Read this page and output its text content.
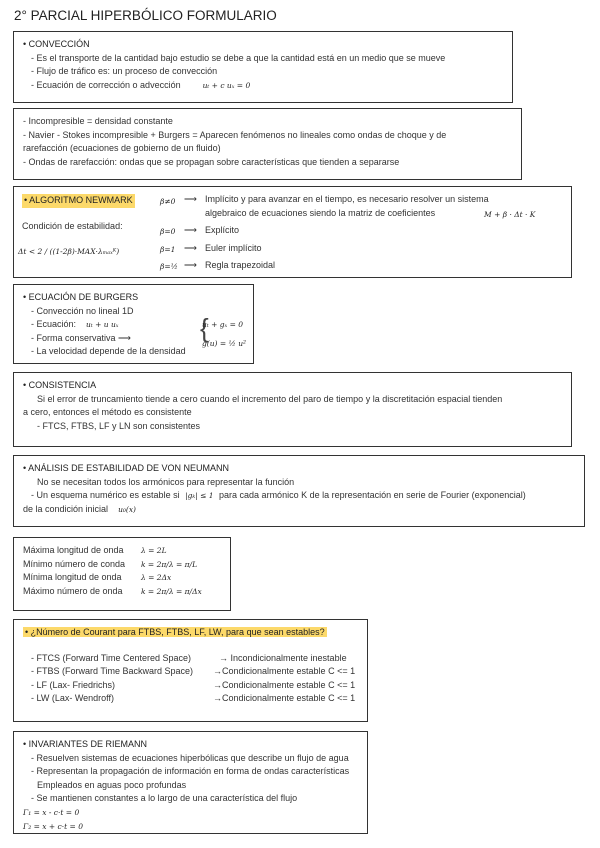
2° PARCIAL HIPERBÓLICO FORMULARIO
• CONVECCIÓN
- Es el transporte de la cantidad bajo estudio se debe a que la cantidad está en un medio que se mueve
- Flujo de tráfico es: un proceso de convección
- Ecuación de corrección o advección	uₜ + c uₓ = 0
- Incompresible = densidad constante
- Navier - Stokes incompresible + Burgers = Aparecen fenómenos no lineales como ondas de choque y de
rarefacción (ecuaciones de gobierno de un fluido)
- Ondas de rarefacción: ondas que se propagan sobre características que tienden a separarse
• ALGORITMO NEWMARK
Condición de estabilidad:
Δt < 2 / ((1-2β)·MAX·λₘₐₓᴷ)
β≠0 ⟶ Implícito y para avanzar en el tiempo, es necesario resolver un sistema
algebraico de ecuaciones siendo la matriz de coeficientes	M + β · Δt · K
β=0 ⟶ Explícito
β=1 ⟶ Euler implícito
β=½ ⟶ Regla trapezoidal
• ECUACIÓN DE BURGERS
- Convección no lineal 1D
- Ecuación: uₜ + u uₓ
- Forma conservativa ⟶
- La velocidad depende de la densidad
{
uₜ + gₓ = 0
g(u) = ½ u²
• CONSISTENCIA
Si el error de truncamiento tiende a cero cuando el incremento del paro de tiempo y la discretitación espacial tienden
a cero, entonces el método es consistente
- FTCS, FTBS, LF y LN son consistentes
• ANÁLISIS DE ESTABILIDAD DE VON NEUMANN
No se necesitan todos los armónicos para representar la función
- Un esquema numérico es estable si |gₖ| ≤ 1 para cada armónico K de la representación en serie de Fourier (exponencial)
de la condición inicial u₀(x)
Máxima longitud de onda λ = 2L
Mínimo número de conda k = 2π/λ = π/L
Mínima longitud de onda	λ = 2Δx
Máximo número de onda k = 2π/λ = π/Δx
• ¿Número de Courant para FTBS, FTBS, LF, LW, para que sean estables?
- FTCS (Forward Time Centered Space)	→ Incondicionalmente inestable
- FTBS (Forward Time Backward Space) →Condicionalmente estable C <= 1
- LF (Lax- Friedrichs)	→Condicionalmente estable C <= 1
- LW (Lax- Wendroff)	→Condicionalmente estable C <= 1
• INVARIANTES DE RIEMANN
- Resuelven sistemas de ecuaciones hiperbólicas que describe un flujo de agua
- Representan la propagación de información en forma de ondas características
Empleados en aguas poco profundas
- Se mantienen constantes a lo largo de una característica del flujo
Γ₁ = x - c·t = 0
Γ₂ = x + c·t = 0
